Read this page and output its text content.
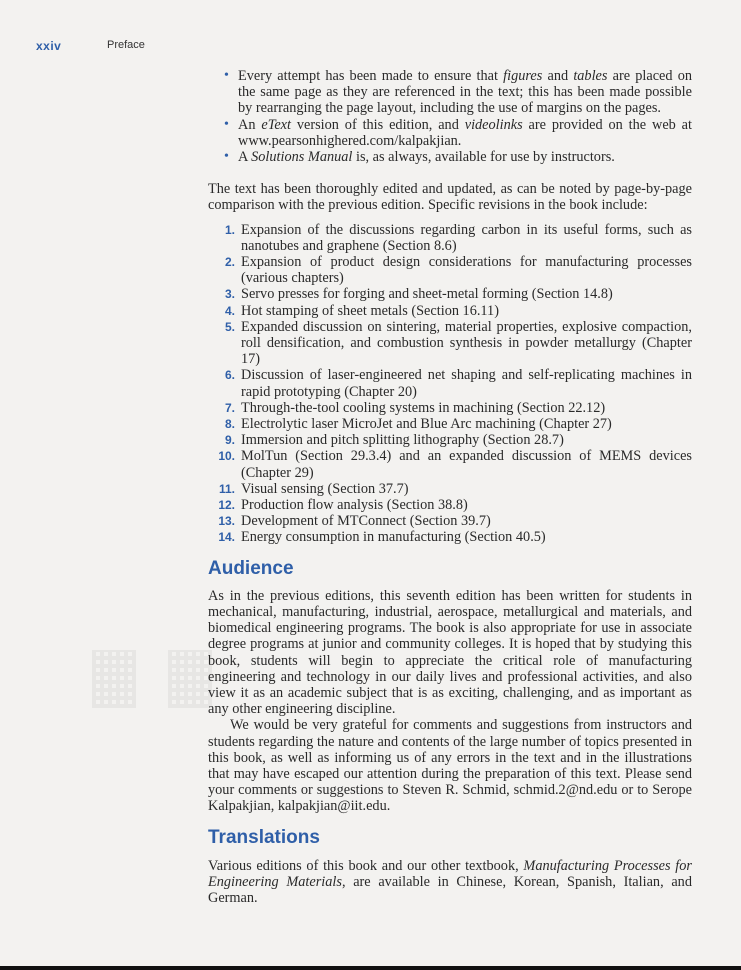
xxiv	Preface
• Every attempt has been made to ensure that figures and tables are placed on the same page as they are referenced in the text; this has been made possible by rearranging the page layout, including the use of margins on the pages.
• An eText version of this edition, and videolinks are provided on the web at www.pearsonhighered.com/kalpakjian.
• A Solutions Manual is, as always, available for use by instructors.

The text has been thoroughly edited and updated, as can be noted by page-by-page comparison with the previous edition. Specific revisions in the book include:

1. Expansion of the discussions regarding carbon in its useful forms, such as nanotubes and graphene (Section 8.6)
2. Expansion of product design considerations for manufacturing processes (various chapters)
3. Servo presses for forging and sheet-metal forming (Section 14.8)
4. Hot stamping of sheet metals (Section 16.11)
5. Expanded discussion on sintering, material properties, explosive compaction, roll densification, and combustion synthesis in powder metallurgy (Chapter 17)
6. Discussion of laser-engineered net shaping and self-replicating machines in rapid prototyping (Chapter 20)
7. Through-the-tool cooling systems in machining (Section 22.12)
8. Electrolytic laser MicroJet and Blue Arc machining (Chapter 27)
9. Immersion and pitch splitting lithography (Section 28.7)
10. MolTun (Section 29.3.4) and an expanded discussion of MEMS devices (Chapter 29)
11. Visual sensing (Section 37.7)
12. Production flow analysis (Section 38.8)
13. Development of MTConnect (Section 39.7)
14. Energy consumption in manufacturing (Section 40.5)
Audience

As in the previous editions, this seventh edition has been written for students in mechanical, manufacturing, industrial, aerospace, metallurgical and materials, and biomedical engineering programs. The book is also appropriate for use in associate degree programs at junior and community colleges. It is hoped that by studying this book, students will begin to appreciate the critical role of manufacturing engineering and technology in our daily lives and professional activities, and also view it as an academic subject that is as exciting, challenging, and as important as any other engineering discipline.

We would be very grateful for comments and suggestions from instructors and students regarding the nature and contents of the large number of topics presented in this book, as well as informing us of any errors in the text and in the illustrations that may have escaped our attention during the preparation of this text. Please send your comments or suggestions to Steven R. Schmid, schmid.2@nd.edu or to Serope Kalpakjian, kalpakjian@iit.edu.

Translations

Various editions of this book and our other textbook, Manufacturing Processes for Engineering Materials, are available in Chinese, Korean, Spanish, Italian, and German.
